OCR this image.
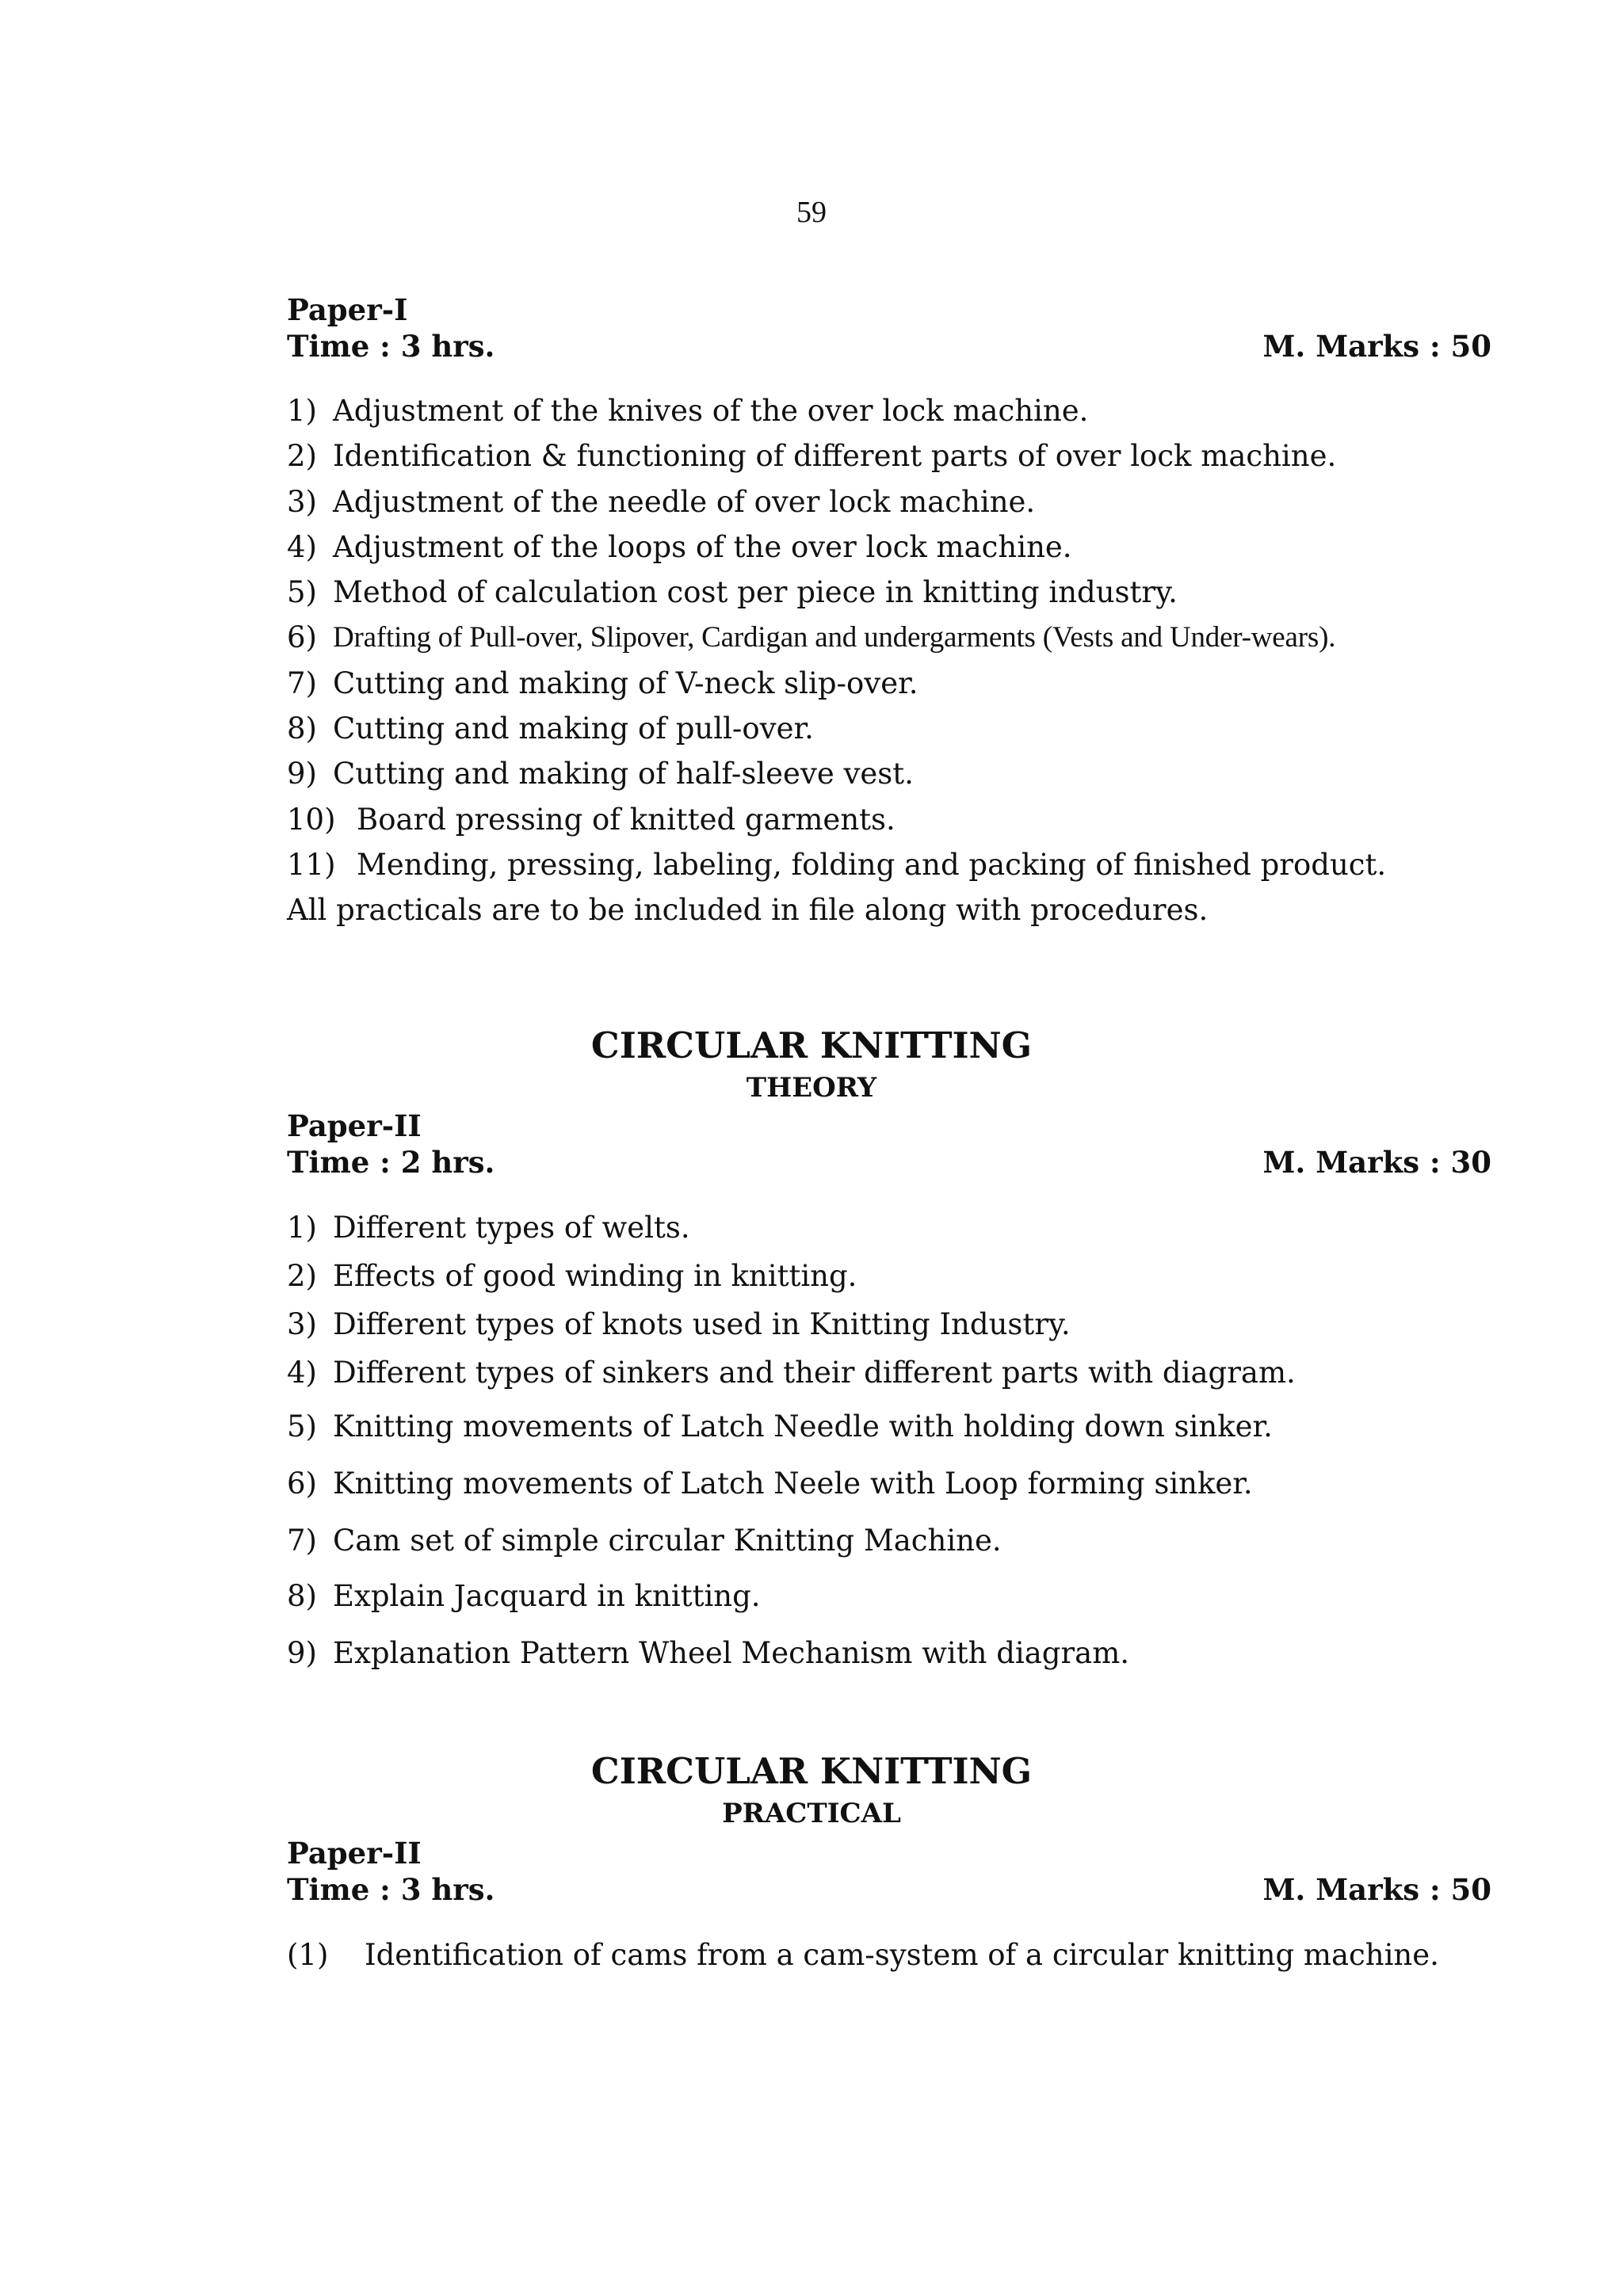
59
Paper-I
Time : 3 hrs.	M. Marks : 50
1) Adjustment of the knives of the over lock machine.
2) Identification & functioning of different parts of over lock machine.
3) Adjustment of the needle of over lock machine.
4) Adjustment of the loops of the over lock machine.
5) Method of calculation cost per piece in knitting industry.
6) Drafting of Pull-over, Slipover, Cardigan and undergarments (Vests and Under-wears).
7) Cutting and making of V-neck slip-over.
8) Cutting and making of pull-over.
9) Cutting and making of half-sleeve vest.
10) Board pressing of knitted garments.
11) Mending, pressing, labeling, folding and packing of finished product.
All practicals are to be included in file along with procedures.
CIRCULAR KNITTING
THEORY
Paper-II
Time : 2 hrs.	M. Marks : 30
1) Different types of welts.
2) Effects of good winding in knitting.
3) Different types of knots used in Knitting Industry.
4) Different types of sinkers and their different parts with diagram.
5) Knitting movements of Latch Needle with holding down sinker.
6) Knitting movements of Latch Neele with Loop forming sinker.
7) Cam set of simple circular Knitting Machine.
8) Explain Jacquard in knitting.
9) Explanation Pattern Wheel Mechanism with diagram.
CIRCULAR KNITTING
PRACTICAL
Paper-II
Time : 3 hrs.	M. Marks : 50
(1)	Identification of cams from a cam-system of a circular knitting machine.
